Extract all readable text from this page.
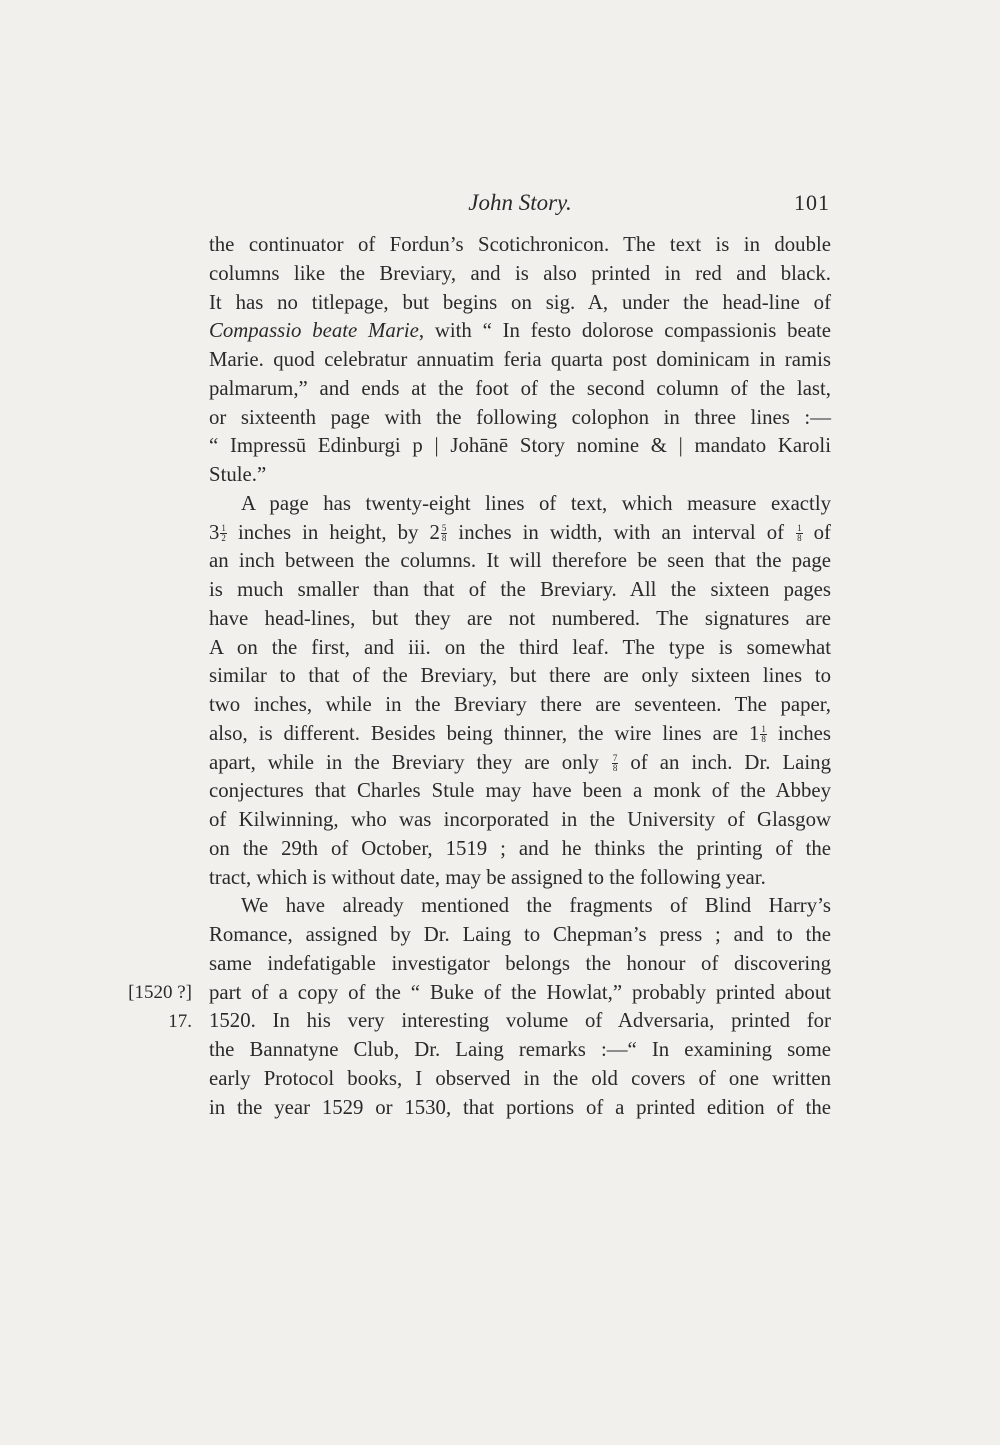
John Story.	101
[1520 ?]
17.
the continuator of Fordun’s Scotichronicon. The text is in double
columns like the Breviary, and is also printed in red and black.
It has no titlepage, but begins on sig. A, under the head-line of
Compassio beate Marie, with “ In festo dolorose compassionis beate
Marie. quod celebratur annuatim feria quarta post dominicam in ramis
palmarum,” and ends at the foot of the second column of the last,
or sixteenth page with the following colophon in three lines :—
“ Impressū Edinburgi p | Johānē Story nomine & | mandato Karoli
Stule.”
A page has twenty-eight lines of text, which measure exactly
$3 \frac{1}{2}$ inches in height, by $2 \frac{5}{8}$ inches in width, with an interval of $\frac{1}{8}$ of
an inch between the columns. It will therefore be seen that the page
is much smaller than that of the Breviary. All the sixteen pages
have head-lines, but they are not numbered. The signatures are
A on the first, and iii. on the third leaf. The type is somewhat
similar to that of the Breviary, but there are only sixteen lines to
two inches, while in the Breviary there are seventeen. The paper,
also, is different. Besides being thinner, the wire lines are $1 \frac{1}{8}$ inches
apart, while in the Breviary they are only $\frac{7}{8}$ of an inch. Dr. Laing
conjectures that Charles Stule may have been a monk of the Abbey
of Kilwinning, who was incorporated in the University of Glasgow
on the 29th of October, 1519 ; and he thinks the printing of the
tract, which is without date, may be assigned to the following year.
We have already mentioned the fragments of Blind Harry’s
Romance, assigned by Dr. Laing to Chepman’s press ; and to the
same indefatigable investigator belongs the honour of discovering
part of a copy of the “ Buke of the Howlat,” probably printed about
1520. In his very interesting volume of Adversaria, printed for
the Bannatyne Club, Dr. Laing remarks :—“ In examining some
early Protocol books, I observed in the old covers of one written
in the year 1529 or 1530, that portions of a printed edition of the
